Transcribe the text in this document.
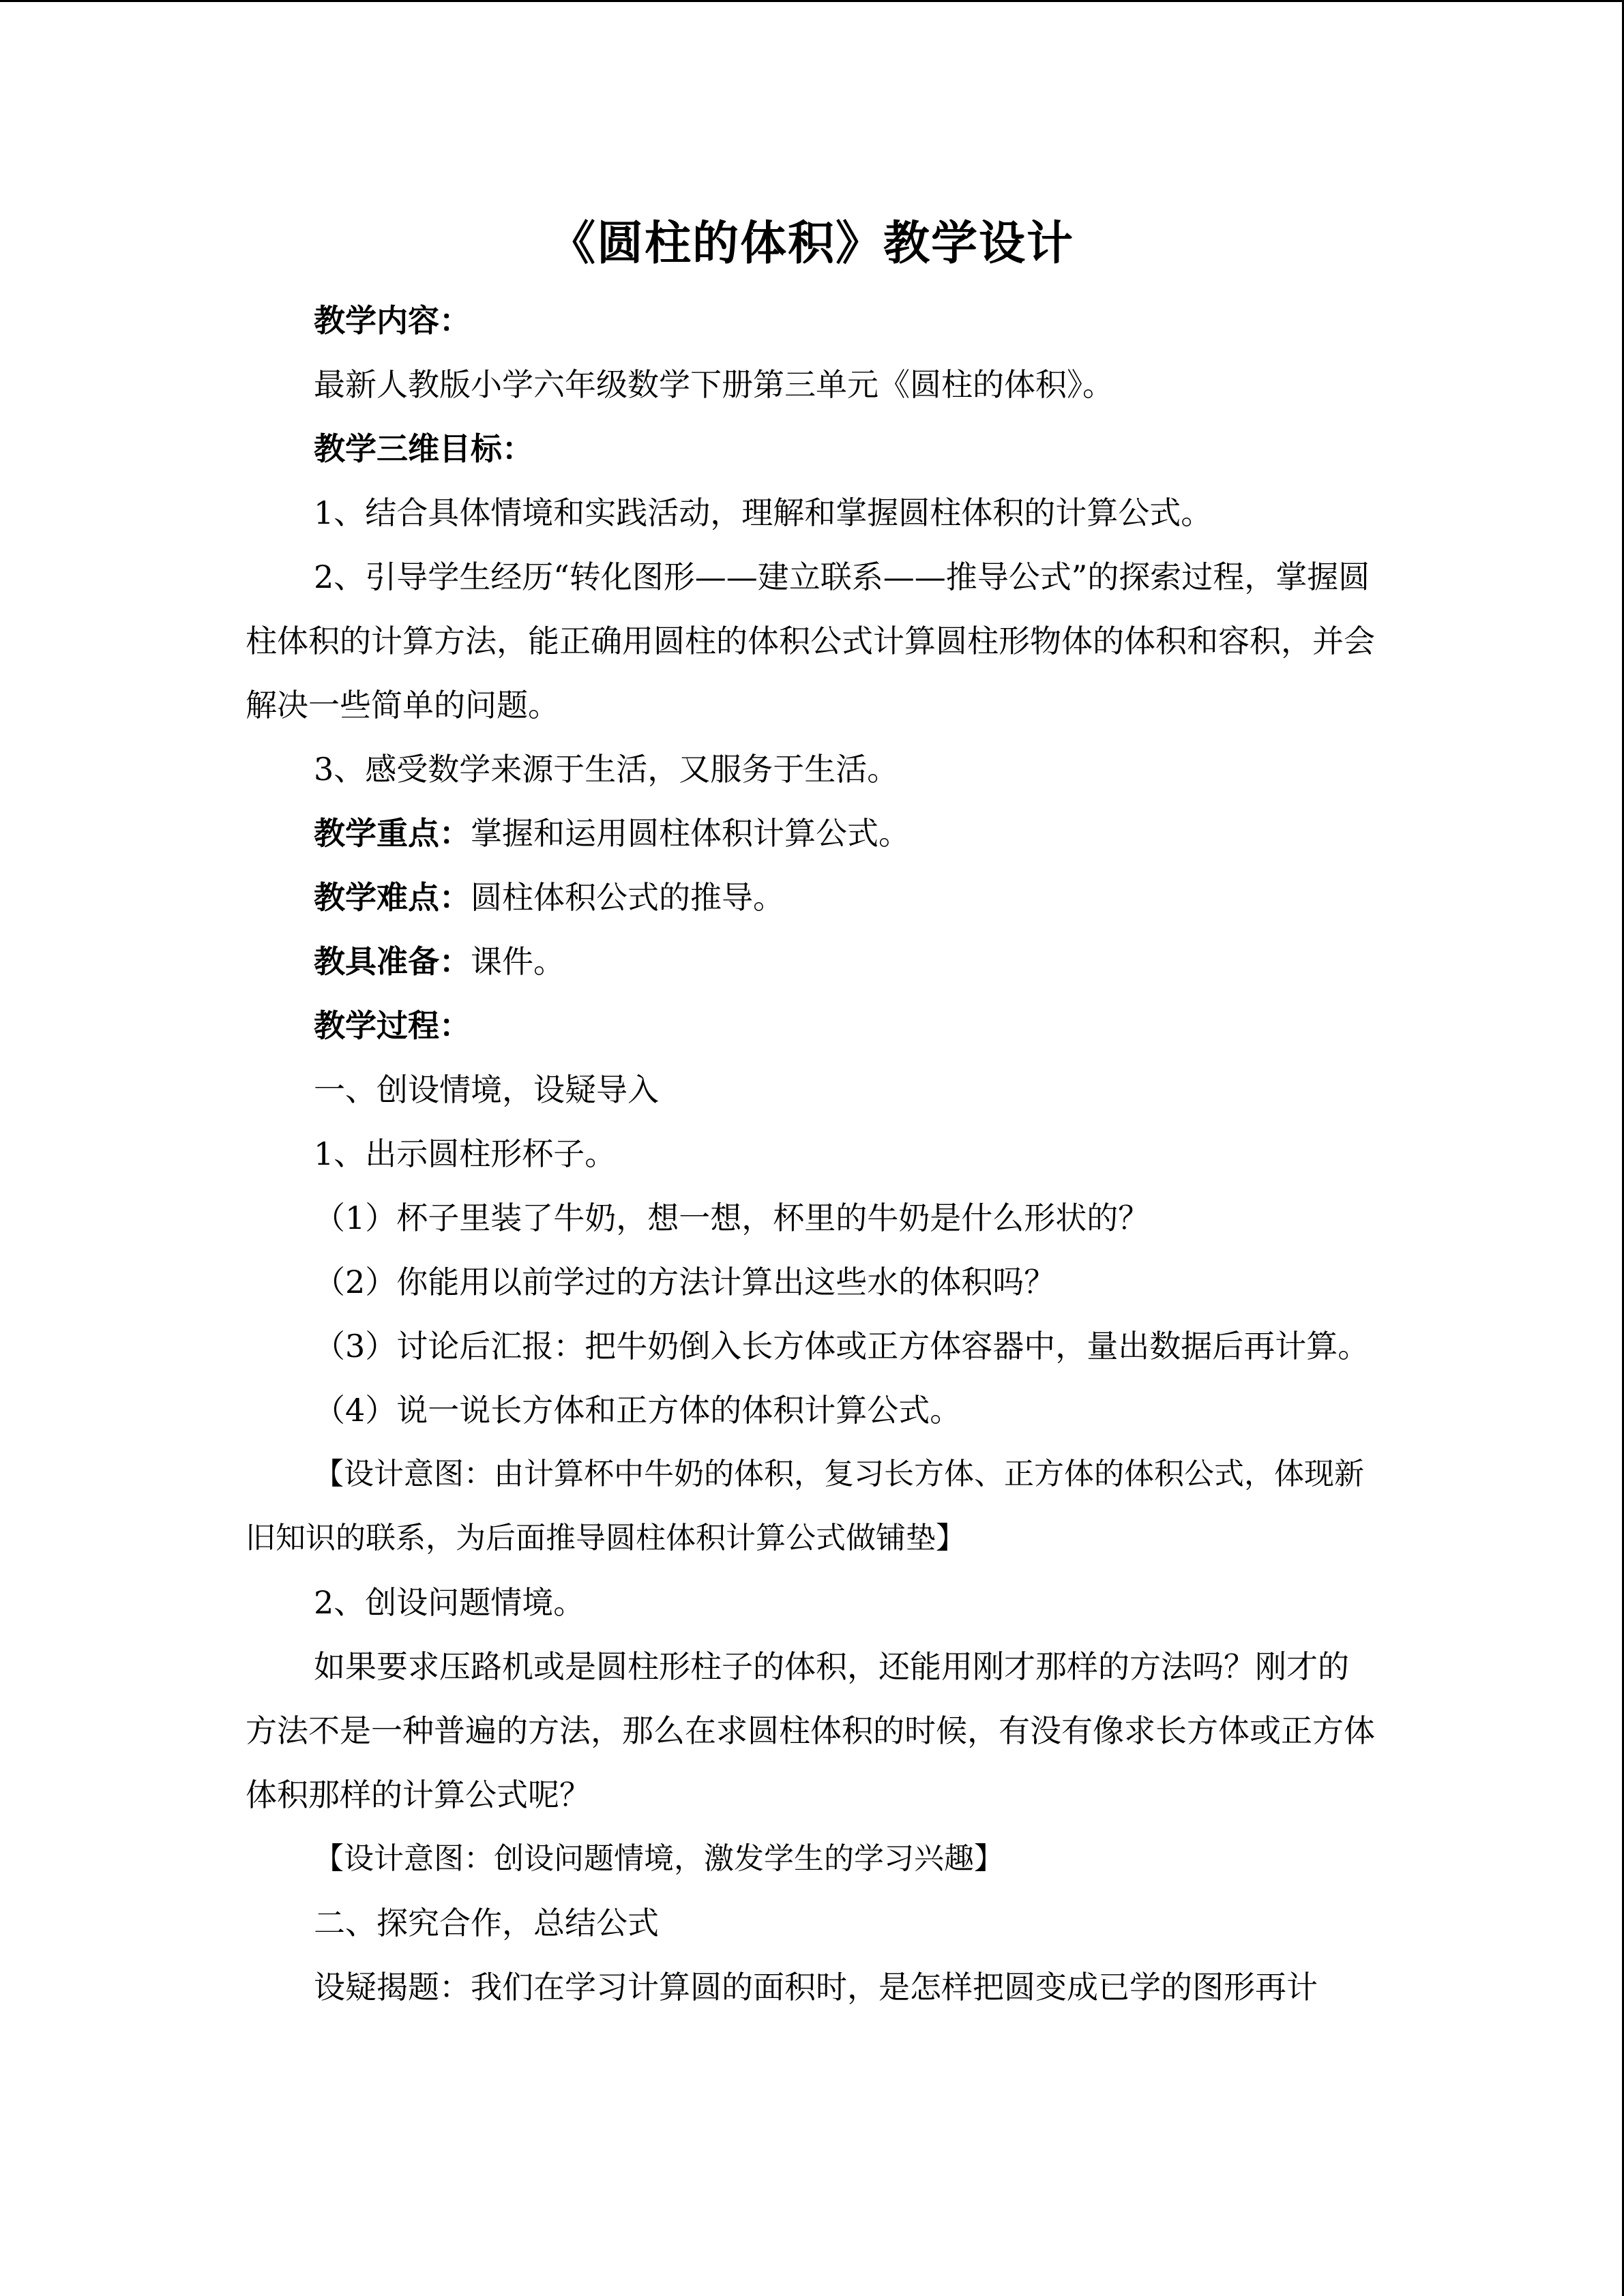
《圆柱的体积》教学设计

教学内容：

最新人教版小学六年级数学下册第三单元《圆柱的体积》。

教学三维目标：

1、结合具体情境和实践活动，理解和掌握圆柱体积的计算公式。

2、引导学生经历“转化图形——建立联系——推导公式”的探索过程，掌握圆柱体积的计算方法，能正确用圆柱的体积公式计算圆柱形物体的体积和容积，并会解决一些简单的问题。

3、感受数学来源于生活，又服务于生活。

教学重点：掌握和运用圆柱体积计算公式。

教学难点：圆柱体积公式的推导。

教具准备：课件。

教学过程：

一、创设情境，设疑导入

1、出示圆柱形杯子。

（1）杯子里装了牛奶，想一想，杯里的牛奶是什么形状的？

（2）你能用以前学过的方法计算出这些水的体积吗？

（3）讨论后汇报：把牛奶倒入长方体或正方体容器中，量出数据后再计算。

（4）说一说长方体和正方体的体积计算公式。

【设计意图：由计算杯中牛奶的体积，复习长方体、正方体的体积公式，体现新旧知识的联系，为后面推导圆柱体积计算公式做铺垫】

2、创设问题情境。

如果要求压路机或是圆柱形柱子的体积，还能用刚才那样的方法吗？刚才的方法不是一种普遍的方法，那么在求圆柱体积的时候，有没有像求长方体或正方体体积那样的计算公式呢？

【设计意图：创设问题情境，激发学生的学习兴趣】

二、探究合作，总结公式

设疑揭题：我们在学习计算圆的面积时，是怎样把圆变成已学的图形再计
